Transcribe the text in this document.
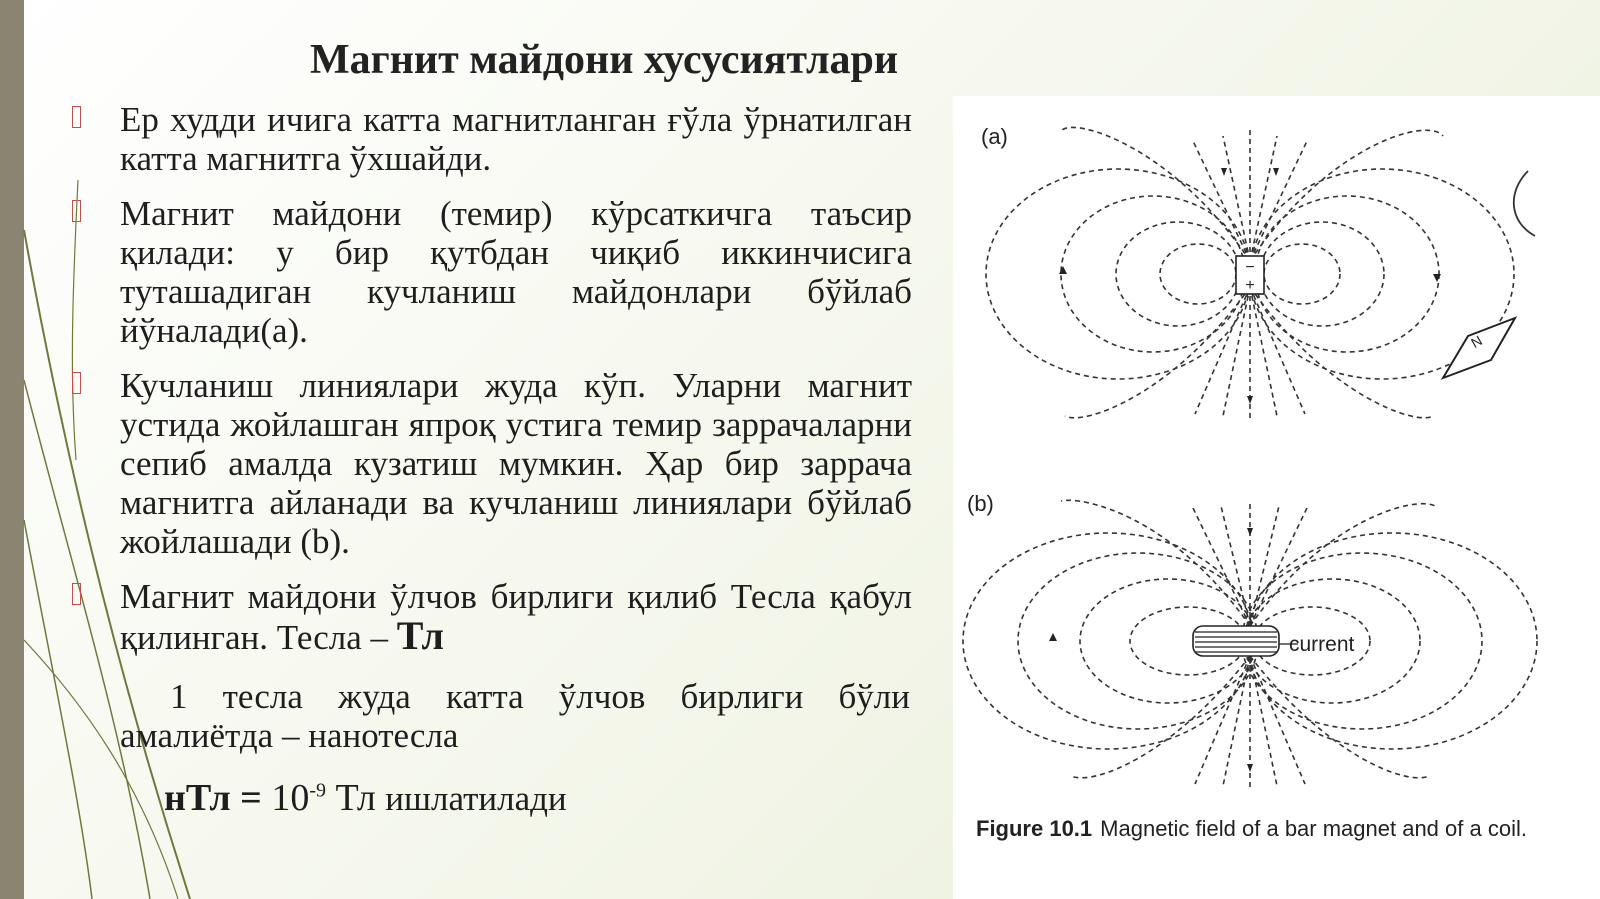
Магнит майдони хусусиятлари
Ер худди ичига катта магнитланган ғўла ўрнатилган катта магнитга ўхшайди.
Магнит майдони (темир) кўрсаткичга таъсир қилади: у бир қутбдан чиқиб иккинчисига туташадиган кучланиш майдонлари бўйлаб йўналади(a).
Кучланиш линиялари жуда кўп. Уларни магнит устида жойлашган япроқ устига темир заррачаларни сепиб амалда кузатиш мумкин. Ҳар бир заррача магнитга айланади ва кучланиш линиялари бўйлаб жойлашади (b).
Магнит майдони ўлчов бирлиги қилиб Тесла қабул қилинган. Тесла – Тл
1 тесла жуда катта ўлчов бирлиги бўли амалиётда – нанотесла
нТл = $10^{-9}$ Тл ишлатилади
−
+
N
(a)
(b)
current
Figure 10.1 Magnetic field of a bar magnet and of a coil.
